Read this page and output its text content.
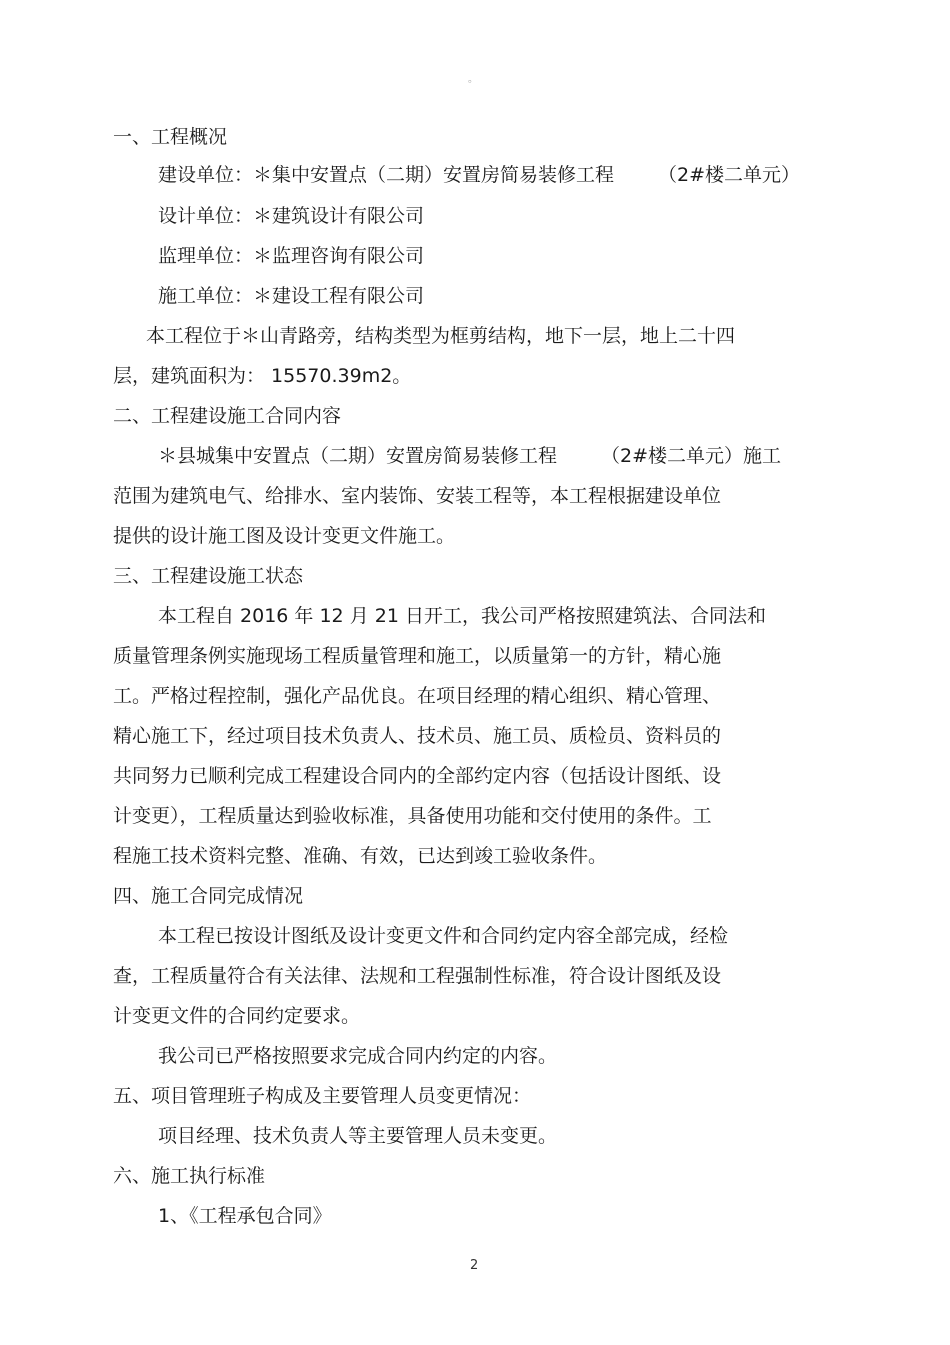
。
一、工程概况
建设单位：＊集中安置点（二期）安置房简易装修工程 （2#楼二单元）
设计单位：＊建筑设计有限公司
监理单位：＊监理咨询有限公司
施工单位：＊建设工程有限公司
本工程位于＊山青路旁，结构类型为框剪结构，地下一层，地上二十四
层，建筑面积为： 15570.39m2。
二、工程建设施工合同内容
＊县城集中安置点（二期）安置房简易装修工程 （2#楼二单元）施工
范围为建筑电气、给排水、室内装饰、安装工程等，本工程根据建设单位
提供的设计施工图及设计变更文件施工。
三、工程建设施工状态
本工程自 2016 年 12 月 21 日开工，我公司严格按照建筑法、合同法和
质量管理条例实施现场工程质量管理和施工，以质量第一的方针，精心施
工。严格过程控制，强化产品优良。在项目经理的精心组织、精心管理、
精心施工下，经过项目技术负责人、技术员、施工员、质检员、资料员的
共同努力已顺利完成工程建设合同内的全部约定内容（包括设计图纸、设
计变更），工程质量达到验收标准，具备使用功能和交付使用的条件。工
程施工技术资料完整、准确、有效，已达到竣工验收条件。
四、施工合同完成情况
本工程已按设计图纸及设计变更文件和合同约定内容全部完成，经检
查，工程质量符合有关法律、法规和工程强制性标准，符合设计图纸及设
计变更文件的合同约定要求。
我公司已严格按照要求完成合同内约定的内容。
五、项目管理班子构成及主要管理人员变更情况：
项目经理、技术负责人等主要管理人员未变更。
六、施工执行标准
1、《工程承包合同》
2
